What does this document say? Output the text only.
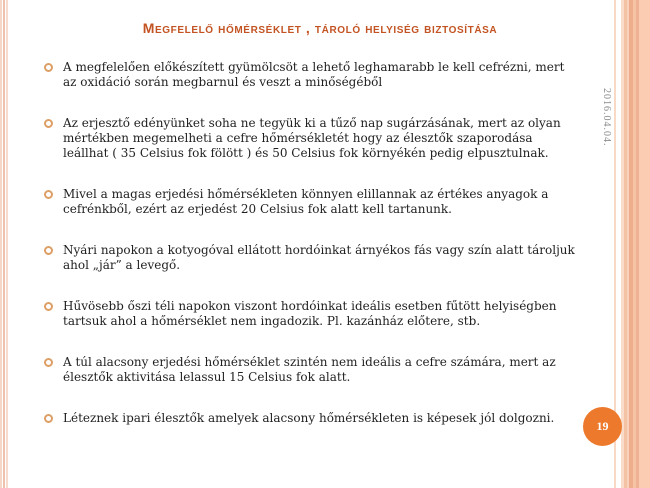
Megfelelő hőmérséklet , tároló helyiség biztosítása
A megfelelően előkészített gyümölcsöt a lehető leghamarabb le kell cefrézni, mert az oxidáció során megbarnul és veszt a minőségéből
Az erjesztő edényünket soha ne tegyük ki a tűző nap sugárzásának, mert az olyan mértékben megemelheti a cefre hőmérsékletét hogy az élesztők szaporodása leállhat ( 35 Celsius fok fölött ) és 50 Celsius fok környékén pedig elpusztulnak.
Mivel a magas erjedési hőmérsékleten könnyen elillannak az értékes anyagok a cefrénkből, ezért az erjedést 20 Celsius fok alatt kell tartanunk.
Nyári napokon a kotyogóval ellátott hordóinkat árnyékos fás vagy szín alatt tároljuk ahol „jár” a levegő.
Hűvösebb őszi téli napokon viszont hordóinkat ideális esetben fűtött helyiségben tartsuk ahol a hőmérséklet nem ingadozik. Pl. kazánház előtere, stb.
A túl alacsony erjedési hőmérséklet szintén nem ideális a cefre számára, mert az élesztők aktivitása lelassul 15 Celsius fok alatt.
Léteznek ipari élesztők amelyek alacsony hőmérsékleten is képesek jól dolgozni.
2016.04.04.
19
